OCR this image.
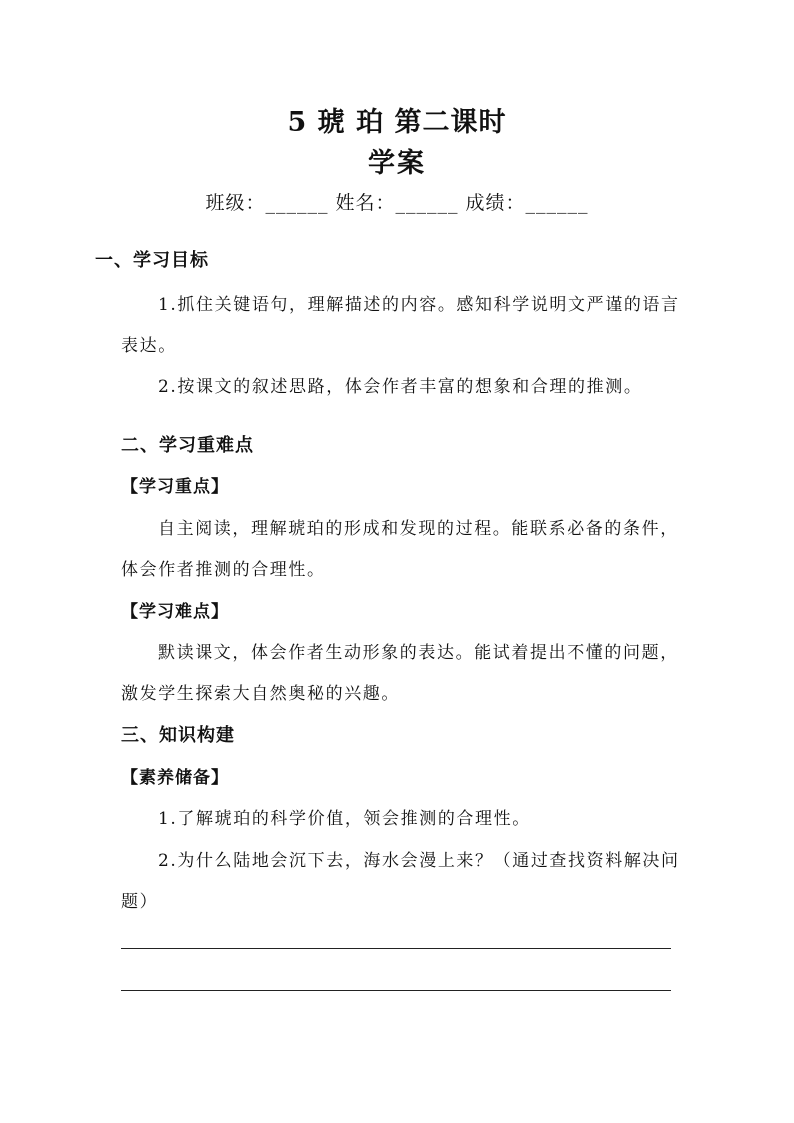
5 琥 珀 第二课时
学案
班级：______ 姓名：______ 成绩：______
一、学习目标
1.抓住关键语句，理解描述的内容。感知科学说明文严谨的语言
表达。
2.按课文的叙述思路，体会作者丰富的想象和合理的推测。
二、学习重难点
【学习重点】
自主阅读，理解琥珀的形成和发现的过程。能联系必备的条件，
体会作者推测的合理性。
【学习难点】
默读课文，体会作者生动形象的表达。能试着提出不懂的问题，
激发学生探索大自然奥秘的兴趣。
三、知识构建
【素养储备】
1.了解琥珀的科学价值，领会推测的合理性。
2.为什么陆地会沉下去，海水会漫上来？（通过查找资料解决问
题）
